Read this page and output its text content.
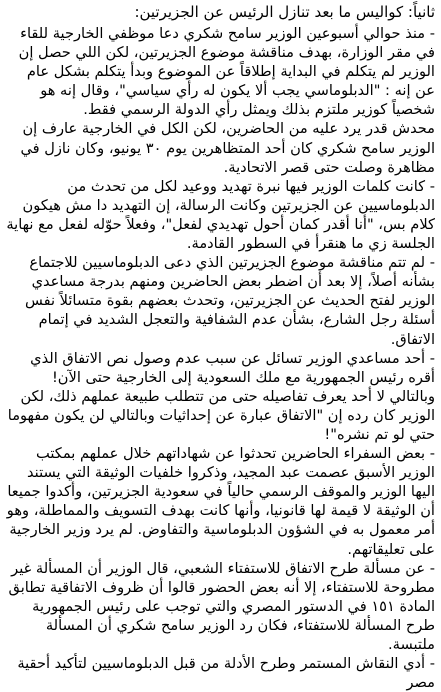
ثانياً: كواليس ما بعد تنازل الرئيس عن الجزيرتين:

- منذ حوالي أسبوعين الوزير سامح شكري دعا موظفي الخارجية للقاء في مقر الوزارة، بهدف مناقشة موضوع الجزيرتين، لكن اللي حصل إن الوزير لم يتكلم في البداية إطلاقاً عن الموضوع وبدأ يتكلم بشكل عام عن إنه : "الدبلوماسي يجب ألا يكون له رأي سياسي"، وقال إنه هو شخصياً كوزير ملتزم بذلك ويمثل رأي الدولة الرسمي فقط.

محدش قدر يرد عليه من الحاضرين، لكن الكل في الخارجية عارف إن الوزير سامح شكري كان أحد المتظاهرين يوم ٣٠ يونيو، وكان نازل في مظاهرة وصلت حتى قصر الاتحادية.

- كانت كلمات الوزير فيها نبرة تهديد ووعيد لكل من تحدث من الدبلوماسيين عن الجزيرتين وكانت الرسالة، إن التهديد دا مش هيكون كلام بس، "أنا أقدر كمان أحول تهديدي لفعل"، وفعلاً حوّله لفعل مع نهاية الجلسة زي ما هنقرأ في السطور القادمة.

- لم تتم مناقشة موضوع الجزيرتين الذي دعى الدبلوماسيين للاجتماع بشأنه أصلاً، إلا بعد أن اضطر بعض الحاضرين ومنهم بدرجة مساعدي الوزير لفتح الحديث عن الجزيرتين، وتحدث بعضهم بقوة متسائلاً نفس أسئلة رجل الشارع، بشأن عدم الشفافية والتعجل الشديد في إتمام الاتفاق.

- أحد مساعدي الوزير تسائل عن سبب عدم وصول نص الاتفاق الذي أقره رئيس الجمهورية مع ملك السعودية إلى الخارجية حتى الآن! وبالتالي لا أحد يعرف تفاصيله حتى من تتطلب طبيعة عملهم ذلك، لكن الوزير كان رده إن "الاتفاق عبارة عن إحداثيات وبالتالي لن يكون مفهوما حتي لو تم نشره"!

- بعض السفراء الحاضرين تحدثوا عن شهاداتهم خلال عملهم بمكتب الوزير الأسبق عصمت عبد المجيد، وذكروا خلفيات الوثيقة التي يستند اليها الوزير والموقف الرسمي حالياً في سعودية الجزيرتين، وأكدوا جميعا أن الوثيقة لا قيمة لها قانونيا، وأنها كانت بهدف التسويف والمماطلة، وهو أمر معمول به في الشؤون الدبلوماسية والتفاوض. لم يرد وزير الخارجية على تعليقاتهم.

- عن مسألة طرح الاتفاق للاستفتاء الشعبي، قال الوزير أن المسألة غير مطروحة للاستفتاء، إلا أنه بعض الحضور قالوا أن ظروف الاتفاقية تطابق المادة ١٥١ في الدستور المصري والتي توجب على رئيس الجمهورية طرح المسألة للاستفتاء، فكان رد الوزير سامح شكري أن المسألة ملتبسة.

- أدي النقاش المستمر وطرح الأدلة من قبل الدبلوماسيين لتأكيد أحقية مصر
